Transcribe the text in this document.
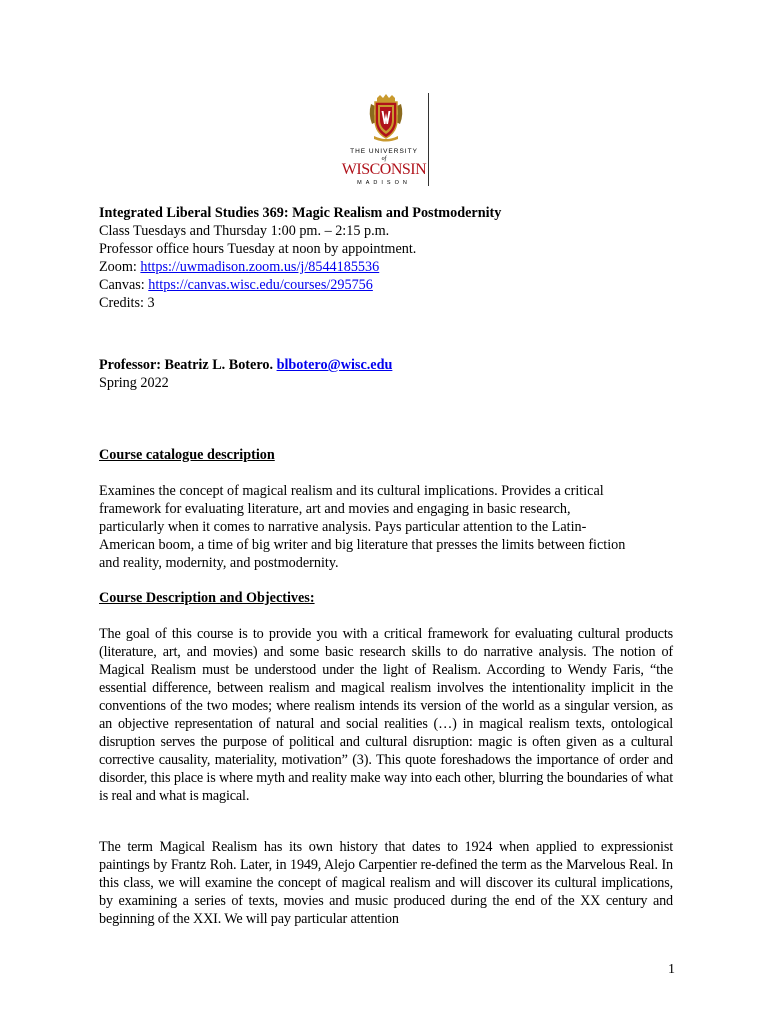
THE UNIVERSITY
of
WISCONSIN
MADISON

Integrated Liberal Studies 369: Magic Realism and Postmodernity

Class Tuesdays and Thursday 1:00 pm. – 2:15 p.m.

Professor office hours Tuesday at noon by appointment.

Zoom: https://uwmadison.zoom.us/j/8544185536

Canvas: https://canvas.wisc.edu/courses/295756

Credits: 3

Professor: Beatriz L. Botero. blbotero@wisc.edu

Spring 2022

Course catalogue description

Examines the concept of magical realism and its cultural implications. Provides a critical

framework for evaluating literature, art and movies and engaging in basic research,

particularly when it comes to narrative analysis. Pays particular attention to the Latin-

American boom, a time of big writer and big literature that presses the limits between fiction

and reality, modernity, and postmodernity.

Course Description and Objectives:

The goal of this course is to provide you with a critical framework for evaluating cultural products (literature, art, and movies) and some basic research skills to do narrative analysis. The notion of Magical Realism must be understood under the light of Realism. According to Wendy Faris, “the essential difference, between realism and magical realism involves the intentionality implicit in the conventions of the two modes; where realism intends its version of the world as a singular version, as an objective representation of natural and social realities (…) in magical realism texts, ontological disruption serves the purpose of political and cultural disruption: magic is often given as a cultural corrective causality, materiality, motivation” (3). This quote foreshadows the importance of order and disorder, this place is where myth and reality make way into each other, blurring the boundaries of what is real and what is magical.
The term Magical Realism has its own history that dates to 1924 when applied to expressionist paintings by Frantz Roh. Later, in 1949, Alejo Carpentier re-defined the term as the Marvelous Real. In this class, we will examine the concept of magical realism and will discover its cultural implications, by examining a series of texts, movies and music produced during the end of the XX century and beginning of the XXI. We will pay particular attention
1
